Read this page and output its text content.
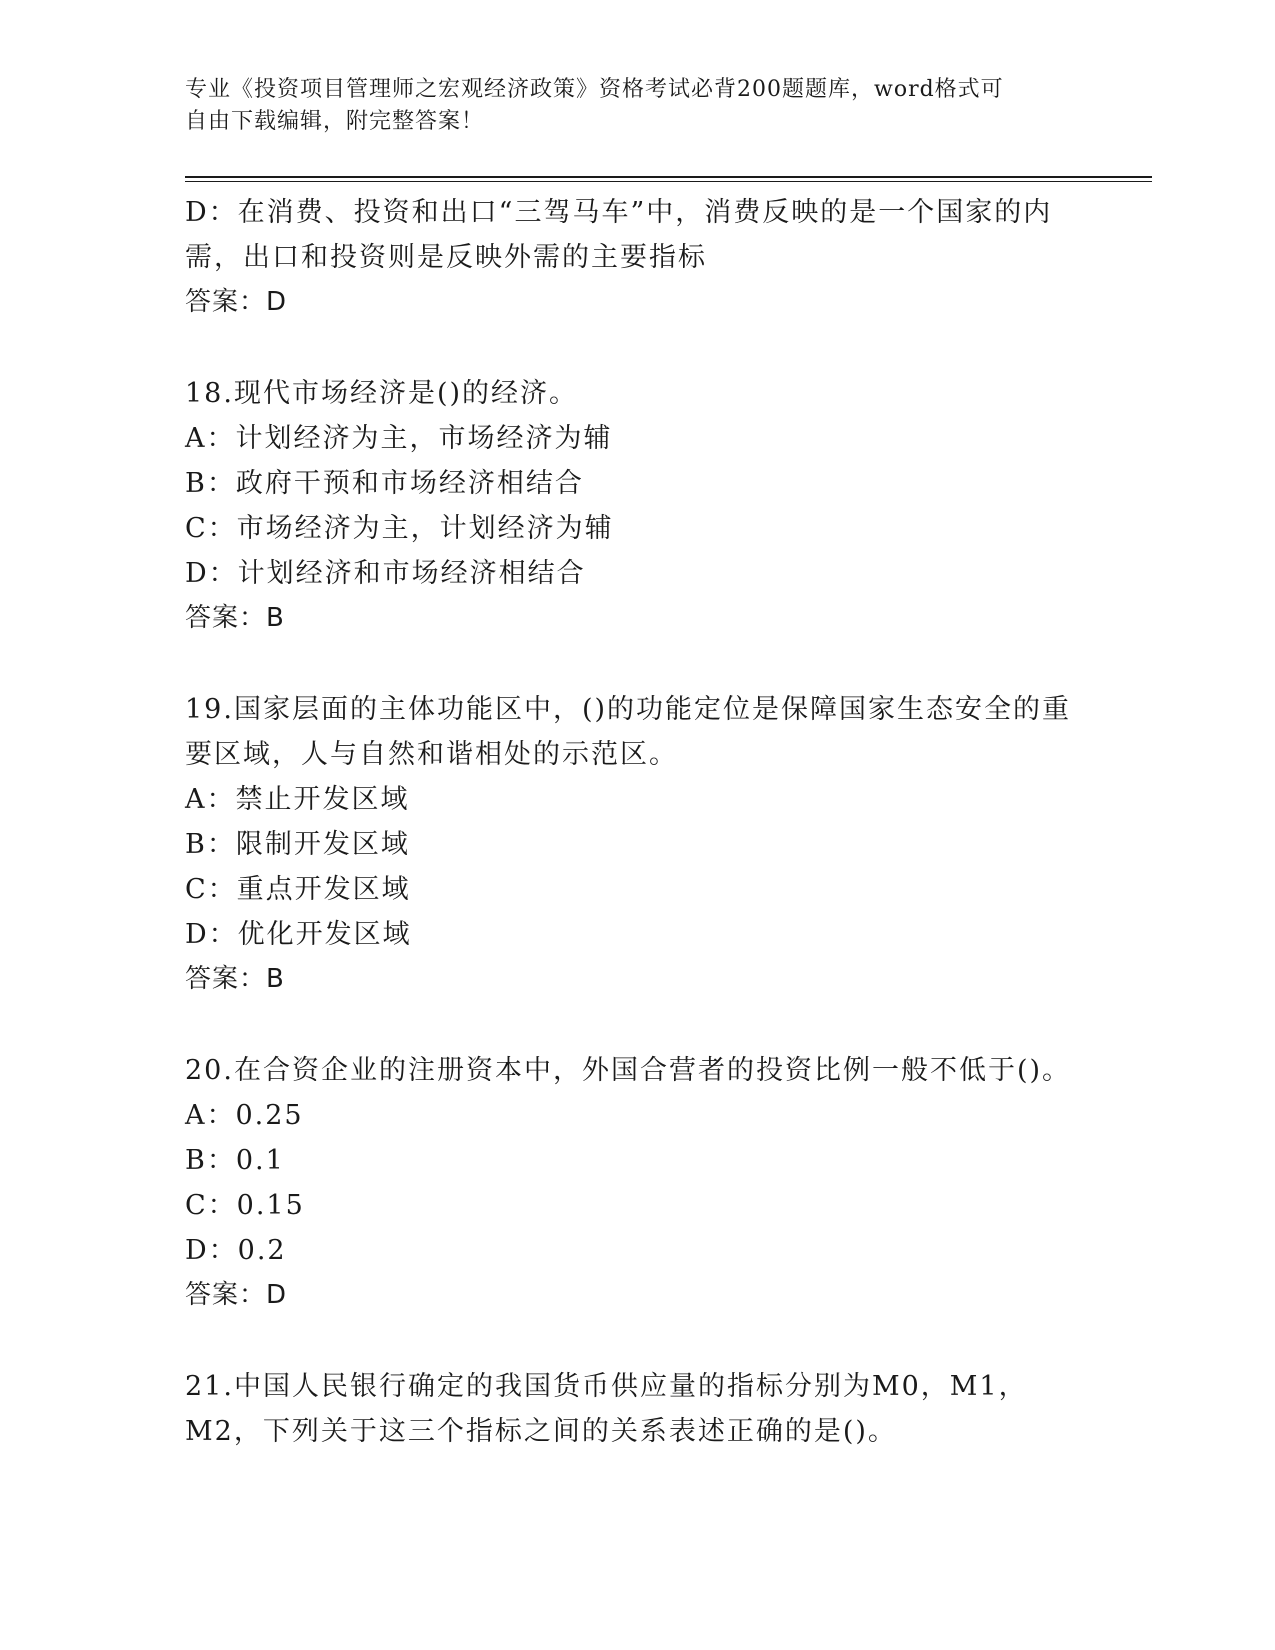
专业《投资项目管理师之宏观经济政策》资格考试必背200题题库，word格式可

自由下载编辑，附完整答案！

D：在消费、投资和出口“三驾马车”中，消费反映的是一个国家的内需，出口和投资则是反映外需的主要指标

答案：D

18.现代市场经济是()的经济。

A：计划经济为主，市场经济为辅

B：政府干预和市场经济相结合

C：市场经济为主，计划经济为辅

D：计划经济和市场经济相结合

答案：B

19.国家层面的主体功能区中，()的功能定位是保障国家生态安全的重要区域，人与自然和谐相处的示范区。

A：禁止开发区域

B：限制开发区域

C：重点开发区域

D：优化开发区域

答案：B

20.在合资企业的注册资本中，外国合营者的投资比例一般不低于()。

A：0.25

B：0.1

C：0.15

D：0.2

答案：D

21.中国人民银行确定的我国货币供应量的指标分别为M0，M1，M2，下列关于这三个指标之间的关系表述正确的是()。
